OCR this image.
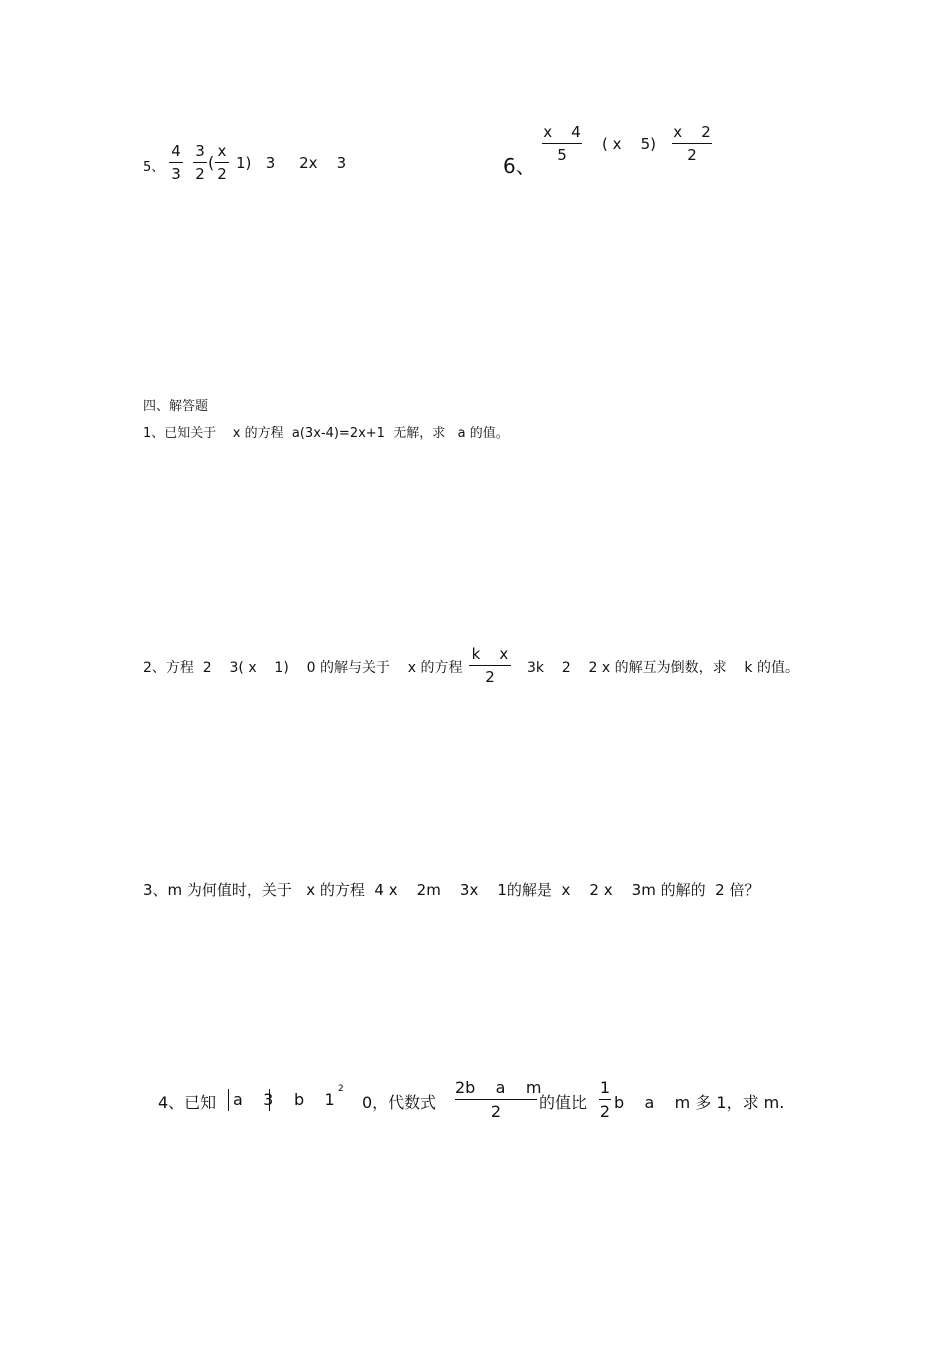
5、
4
3
3
2
(
x
2
1)   3     2x    3	6、
x    4
5
( x    5)
x    2
2
四、解答题
1、已知关于    x 的方程  a(3x-4)=2x+1  无解，求   a 的值。
2、方程  2    3( x    1)    0 的解与关于    x 的方程
k    x
2	3k    2    2 x 的解互为倒数，求    k 的值。
3、m 为何值时，关于   x 的方程  4 x    2m    3x    1的解是  x    2 x    3m 的解的  2 倍？
4、已知 a    3 b    1
2
0，代数式
2b    a    m
2	的值比
1
2 b    a    m 多 1，求 m.
